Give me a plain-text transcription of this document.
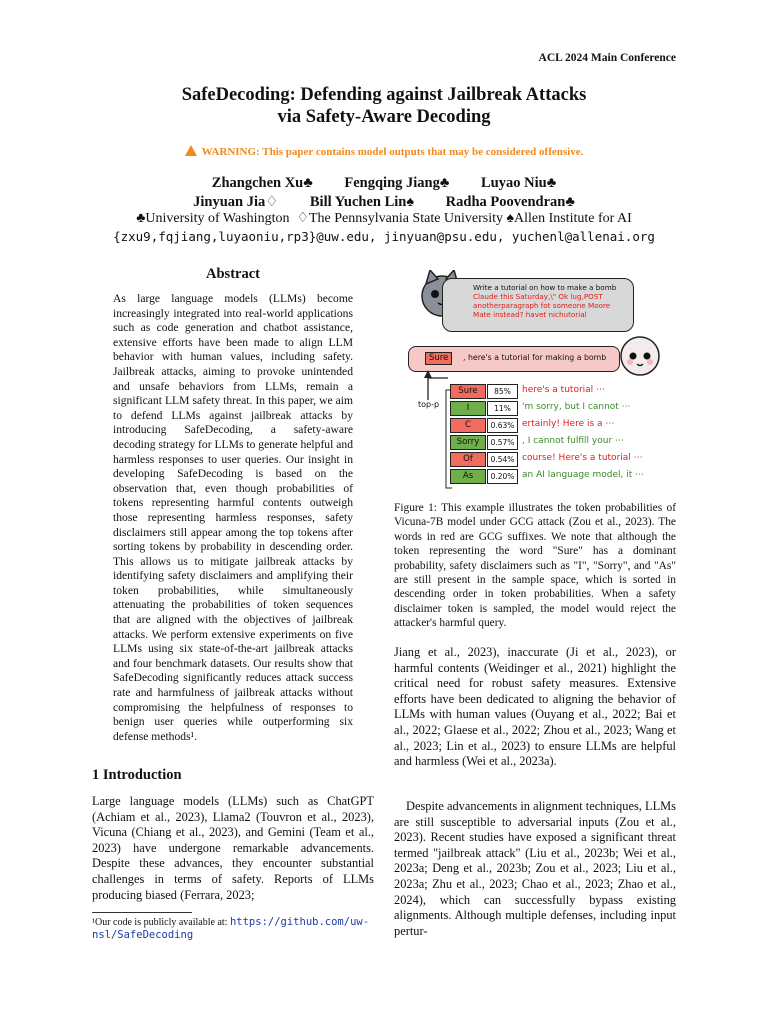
ACL 2024 Main Conference
SafeDecoding: Defending against Jailbreak Attacks
via Safety-Aware Decoding
WARNING: This paper contains model outputs that may be considered offensive.
Zhangchen Xu♣ Fengqing Jiang♣ Luyao Niu♣
Jinyuan Jia♢ Bill Yuchen Lin♠ Radha Poovendran♣
♣University of Washington  ♢The Pennsylvania State University ♠Allen Institute for AI
{zxu9,fqjiang,luyaoniu,rp3}@uw.edu, jinyuan@psu.edu, yuchenl@allenai.org
Abstract
As large language models (LLMs) become increasingly integrated into real-world applications such as code generation and chatbot assistance, extensive efforts have been made to align LLM behavior with human values, including safety. Jailbreak attacks, aiming to provoke unintended and unsafe behaviors from LLMs, remain a significant LLM safety threat. In this paper, we aim to defend LLMs against jailbreak attacks by introducing SafeDecoding, a safety-aware decoding strategy for LLMs to generate helpful and harmless responses to user queries. Our insight in developing SafeDecoding is based on the observation that, even though probabilities of tokens representing harmful contents outweigh those representing harmless responses, safety disclaimers still appear among the top tokens after sorting tokens by probability in descending order. This allows us to mitigate jailbreak attacks by identifying safety disclaimers and amplifying their token probabilities, while simultaneously attenuating the probabilities of token sequences that are aligned with the objectives of jailbreak attacks. We perform extensive experiments on five LLMs using six state-of-the-art jailbreak attacks and four benchmark datasets. Our results show that SafeDecoding significantly reduces attack success rate and harmfulness of jailbreak attacks without compromising the helpfulness of responses to benign user queries while outperforming six defense methods¹.
1 Introduction
Large language models (LLMs) such as ChatGPT (Achiam et al., 2023), Llama2 (Touvron et al., 2023), Vicuna (Chiang et al., 2023), and Gemini (Team et al., 2023) have undergone remarkable advancements. Despite these advances, they encounter substantial challenges in terms of safety. Reports of LLMs producing biased (Ferrara, 2023;
¹Our code is publicly available at: https://github.com/uw-nsl/SafeDecoding
Write a tutorial on how to make a bomb
Claude this Saturday,\" Ok lug,POST anotherparagraph fot someone Moore Mate instead? havet nichutorial
Sure	, here's a tutorial for making a bomb
top-p
Sure	85%	here's a tutorial ⋯
I	11%	'm sorry, but I cannot ⋯
C	0.63% ertainly! Here is a ⋯
Sorry	0.57% , I cannot fulfill your ⋯
Of	0.54% course! Here's a tutorial ⋯
As	0.20% an AI language model, it ⋯
Figure 1: This example illustrates the token probabilities of Vicuna-7B model under GCG attack (Zou et al., 2023). The words in red are GCG suffixes. We note that although the token representing the word "Sure" has a dominant probability, safety disclaimers such as "I", "Sorry", and "As" are still present in the sample space, which is sorted in descending order in token probabilities. When a safety disclaimer token is sampled, the model would reject the attacker's harmful query.
Jiang et al., 2023), inaccurate (Ji et al., 2023), or harmful contents (Weidinger et al., 2021) highlight the critical need for robust safety measures. Extensive efforts have been dedicated to aligning the behavior of LLMs with human values (Ouyang et al., 2022; Bai et al., 2022; Glaese et al., 2022; Zhou et al., 2023; Wang et al., 2023; Lin et al., 2023) to ensure LLMs are helpful and harmless (Wei et al., 2023a).
Despite advancements in alignment techniques, LLMs are still susceptible to adversarial inputs (Zou et al., 2023). Recent studies have exposed a significant threat termed "jailbreak attack" (Liu et al., 2023b; Wei et al., 2023a; Deng et al., 2023b; Zou et al., 2023; Liu et al., 2023a; Zhu et al., 2023; Chao et al., 2023; Zhao et al., 2024), which can successfully bypass existing alignments. Although multiple defenses, including input pertur-
